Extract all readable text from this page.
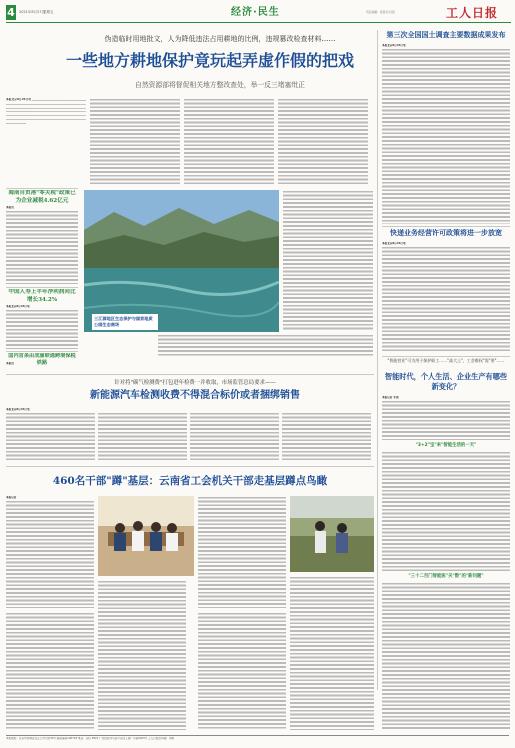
4	2021年8月27日
星期五	经济·民生	责任编辑：程晋仙 杜凯	工人日报
伪造临时用地批文，人为降低违法占用耕地的比例，违规篡改检查材料……
一些地方耕地保护竟玩起弄虚作假的把戏
自然资源部将督促相关地方整改查处，举一反三堵塞纰正
本报北京8月26日电 ▁▁▁▁▁▁▁▁▁▁▁▁▁▁▁▁▁▁▁▁▁▁▁▁▁▁▁▁▁▁▁▁▁▁▁▁▁▁▁▁▁▁▁▁▁▁▁▁▁▁▁▁▁▁▁▁▁▁▁▁▁▁▁▁▁▁▁▁▁▁▁▁▁▁▁▁▁▁▁▁▁▁▁▁▁▁▁▁▁▁▁▁▁▁▁▁▁▁▁▁▁▁▁▁▁▁▁▁▁▁▁▁▁▁▁▁▁▁▁▁▁▁▁▁▁▁▁▁▁▁▁▁▁▁▁▁▁▁▁▁▁▁▁▁▁▁▁▁▁▁▁▁▁▁▁▁▁▁▁▁▁▁▁▁▁▁▁▁▁▁▁▁▁▁▁▁▁▁▁▁▁▁▁▁▁▁▁▁▁▁▁▁▁▁▁▁▁▁▁▁▁▁▁▁▁▁▁▁▁▁▁▁▁▁▁▁▁▁▁▁▁▁▁▁▁▁▁▁▁▁▁▁▁▁▁▁▁
海南自贸港"零关税"政策已为企业减税4.62亿元
本报讯
中国人寿上半年净利润同比增长34.2%
本报北京8月26日电
国内首条由成渝联通跨境保税铁路
本报讯
三江源地区生态保护与国家地质公园生态商场
第三次全国国土调查主要数据成果发布
本报北京8月26日电
快递业务经营许可政策将进一步放宽
本报北京8月26日电
"智能营业"可为用于保护职工……"高大上"，工会维权"需"要"……
智能时代，个人生活、企业生产有哪些新变化？
本报记者 李国
"3+2"宝"来"智能生活的一天"
"三十二百门智能医"关"数"的"新问题"
针对将"碳气检测费"打包进年检费一并收取，市场监管总局要求——
新能源汽车检测收费不得混合标价或者捆绑销售
本报北京8月26日电
460名干部"蹲"基层：云南省工会机关干部走基层蹲点鸟瞰
本报记者
本报地址：北京市东城区安定门外大街30号 邮政编码100718 电话：总机 5822 广告经营许可证号京西工商广字第0003号 工人日报社印刷厂印刷
